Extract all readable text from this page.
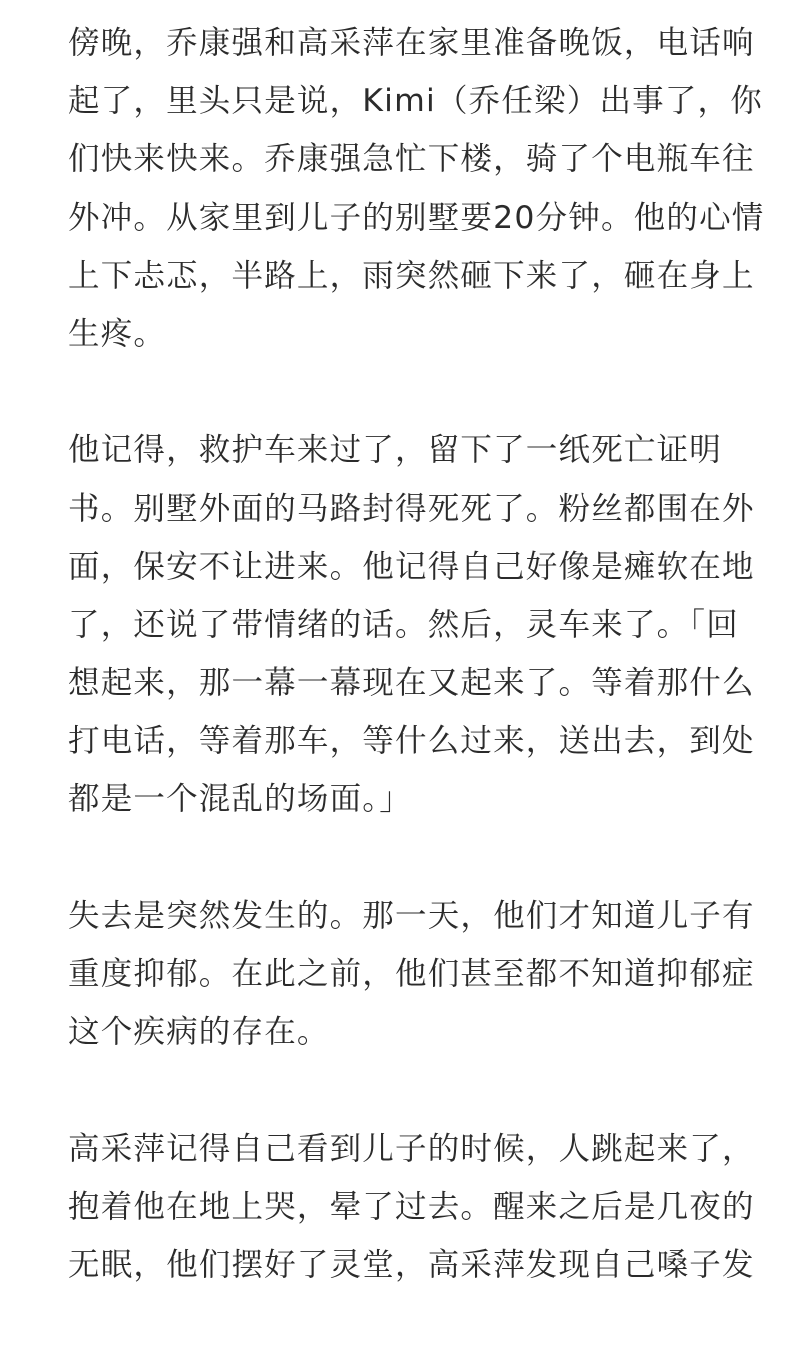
傍晚，乔康强和高采萍在家里准备晚饭，电话响
起了，里头只是说，Kimi（乔任梁）出事了，你
们快来快来。乔康强急忙下楼，骑了个电瓶车往
外冲。从家里到儿子的别墅要20分钟。他的心情
上下忐忑，半路上，雨突然砸下来了，砸在身上
生疼。
他记得，救护车来过了，留下了一纸死亡证明
书。别墅外面的马路封得死死了。粉丝都围在外
面，保安不让进来。他记得自己好像是瘫软在地
了，还说了带情绪的话。然后，灵车来了。「回
想起来，那一幕一幕现在又起来了。等着那什么
打电话，等着那车，等什么过来，送出去，到处
都是一个混乱的场面。」
失去是突然发生的。那一天，他们才知道儿子有
重度抑郁。在此之前，他们甚至都不知道抑郁症
这个疾病的存在。
高采萍记得自己看到儿子的时候，人跳起来了，
抱着他在地上哭，晕了过去。醒来之后是几夜的
无眠，他们摆好了灵堂，高采萍发现自己嗓子发
